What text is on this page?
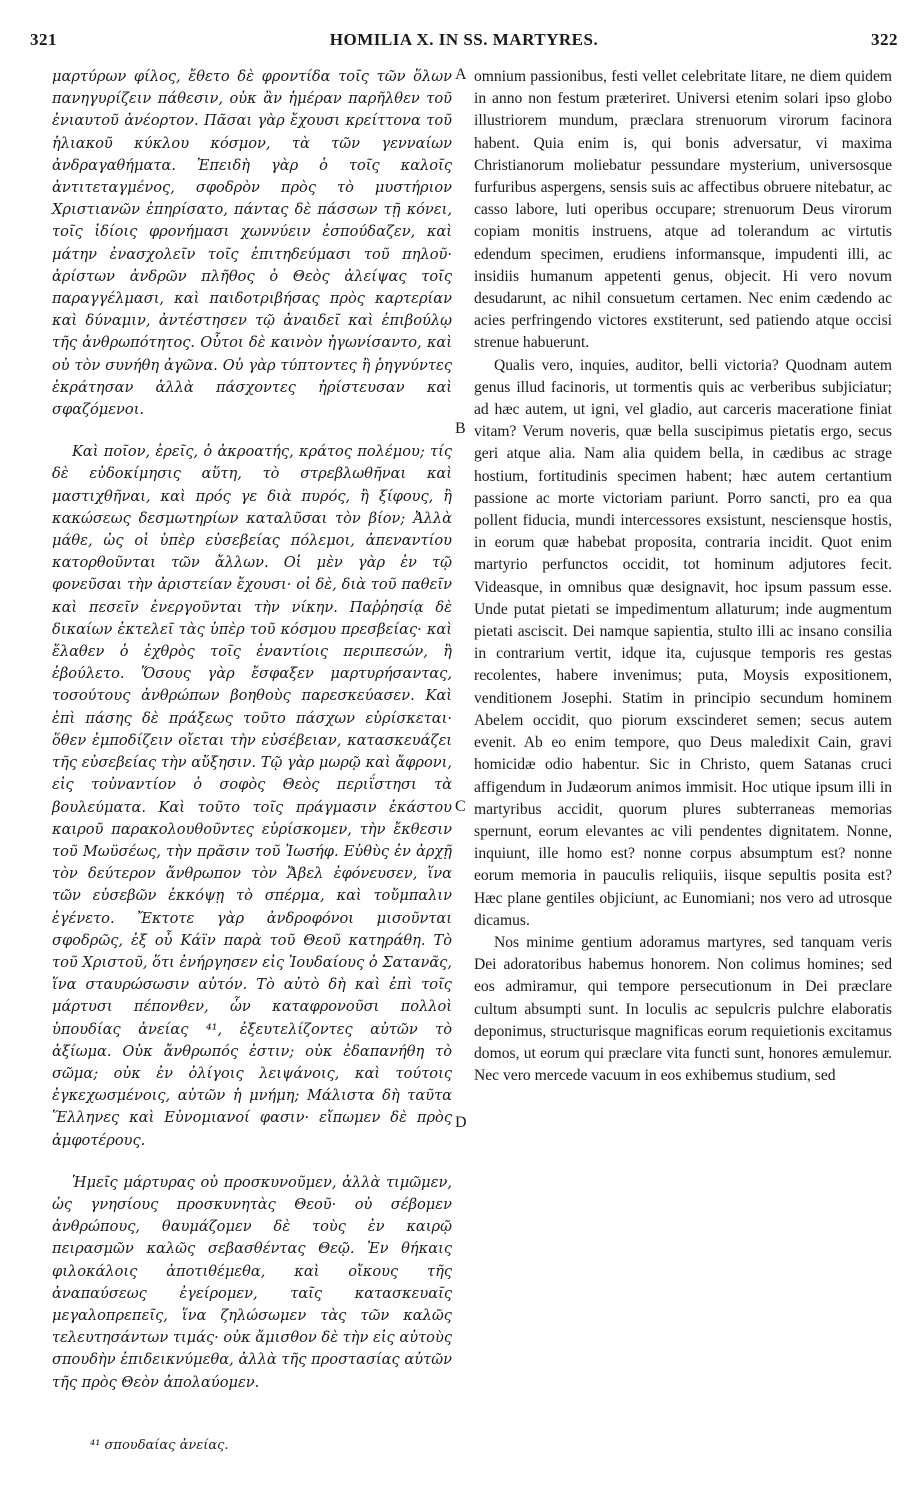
321	HOMILIA X. IN SS. MARTYRES.	322
A
B
C
D

μαρτύρων φίλος, ἔθετο δὲ φροντίδα τοῖς τῶν ὅλων πανηγυρίζειν πάθεσιν, οὐκ ἂν ἡμέραν παρῆλθεν τοῦ ἐνιαυτοῦ ἀνέορτον. Πᾶσαι γὰρ ἔχουσι κρείττονα τοῦ ἡλιακοῦ κύκλου κόσμον, τὰ τῶν γενναίων ἀνδραγαθήματα. Ἐπειδὴ γὰρ ὁ τοῖς καλοῖς ἀντιτεταγμένος, σφοδρὸν πρὸς τὸ μυστήριον Χριστιανῶν ἐπηρίσατο, πάντας δὲ πάσσων τῇ κόνει, τοῖς ἰδίοις φρονήμασι χωννύειν ἐσπούδαζεν, καὶ μάτην ἐνασχολεῖν τοῖς ἐπιτηδεύμασι τοῦ πηλοῦ· ἀρίστων ἀνδρῶν πλῆθος ὁ Θεὸς ἀλείψας τοῖς παραγγέλμασι, καὶ παιδοτριβήσας πρὸς καρτερίαν καὶ δύναμιν, ἀντέστησεν τῷ ἀναιδεῖ καὶ ἐπιβούλῳ τῆς ἀνθρωπότητος. Οὗτοι δὲ καινὸν ἠγωνίσαντο, καὶ οὐ τὸν συνήθη ἀγῶνα. Οὐ γὰρ τύπτοντες ἢ ῥηγνύντες ἐκράτησαν ἀλλὰ πάσχοντες ἠρίστευσαν καὶ σφαζόμενοι.

Καὶ ποῖον, ἐρεῖς, ὁ ἀκροατής, κράτος πολέμου; τίς δὲ εὐδοκίμησις αὕτη, τὸ στρεβλωθῆναι καὶ μαστιχθῆναι, καὶ πρός γε διὰ πυρός, ἢ ξίφους, ἢ κακώσεως δεσμωτηρίων καταλῦσαι τὸν βίον; Ἀλλὰ μάθε, ὡς οἱ ὑπὲρ εὐσεβείας πόλεμοι, ἀπεναντίου κατορθοῦνται τῶν ἄλλων. Οἱ μὲν γὰρ ἐν τῷ φονεῦσαι τὴν ἀριστείαν ἔχουσι· οἱ δὲ, διὰ τοῦ παθεῖν καὶ πεσεῖν ἐνεργοῦνται τὴν νίκην. Παῤῥησίᾳ δὲ δικαίων ἐκτελεῖ τὰς ὑπὲρ τοῦ κόσμου πρεσβείας· καὶ ἔλαθεν ὁ ἐχθρὸς τοῖς ἐναντίοις περιπεσών, ἢ ἐβούλετο. Ὅσους γὰρ ἔσφαξεν μαρτυρήσαντας, τοσούτους ἀνθρώπων βοηθοὺς παρεσκεύασεν. Καὶ ἐπὶ πάσης δὲ πράξεως τοῦτο πάσχων εὑρίσκεται· ὅθεν ἐμποδίζειν οἴεται τὴν εὐσέβειαν, κατασκευάζει τῆς εὐσεβείας τὴν αὔξησιν. Τῷ γὰρ μωρῷ καὶ ἄφρονι, εἰς τοὐναντίον ὁ σοφὸς Θεὸς περιΐστησι τὰ βουλεύματα. Καὶ τοῦτο τοῖς πράγμασιν ἑκάστου καιροῦ παρακολουθοῦντες εὑρίσκομεν, τὴν ἔκθεσιν τοῦ Μωϋσέως, τὴν πρᾶσιν τοῦ Ἰωσήφ. Εὐθὺς ἐν ἀρχῇ τὸν δεύτερον ἄνθρωπον τὸν Ἄβελ ἐφόνευσεν, ἵνα τῶν εὐσεβῶν ἐκκόψῃ τὸ σπέρμα, καὶ τοὔμπαλιν ἐγένετο. Ἔκτοτε γὰρ ἀνδροφόνοι μισοῦνται σφοδρῶς, ἐξ οὗ Κάϊν παρὰ τοῦ Θεοῦ κατηράθη. Τὸ τοῦ Χριστοῦ, ὅτι ἐνήργησεν εἰς Ἰουδαίους ὁ Σατανᾶς, ἵνα σταυρώσωσιν αὐτόν. Τὸ αὐτὸ δὴ καὶ ἐπὶ τοῖς μάρτυσι πέπονθεν, ὧν καταφρονοῦσι πολλοὶ ὑπουδίας ἀνείας ⁴¹, ἐξευτελίζοντες αὐτῶν τὸ ἀξίωμα. Οὐκ ἄνθρωπός ἐστιν; οὐκ ἐδαπανήθη τὸ σῶμα; οὐκ ἐν ὀλίγοις λειψάνοις, καὶ τούτοις ἐγκεχωσμένοις, αὐτῶν ἡ μνήμη; Μάλιστα δὴ ταῦτα Ἕλληνες καὶ Εὐνομιανοί φασιν· εἴπωμεν δὲ πρὸς ἀμφοτέρους.

Ἡμεῖς μάρτυρας οὐ προσκυνοῦμεν, ἀλλὰ τιμῶμεν, ὡς γνησίους προσκυνητὰς Θεοῦ· οὐ σέβομεν ἀνθρώπους, θαυμάζομεν δὲ τοὺς ἐν καιρῷ πειρασμῶν καλῶς σεβασθέντας Θεῷ. Ἐν θήκαις φιλοκάλοις ἀποτιθέμεθα, καὶ οἴκους τῆς ἀναπαύσεως ἐγείρομεν, ταῖς κατασκευαῖς μεγαλοπρεπεῖς, ἵνα ζηλώσωμεν τὰς τῶν καλῶς τελευτησάντων τιμάς· οὐκ ἄμισθον δὲ τὴν εἰς αὐτοὺς σπουδὴν ἐπιδεικνύμεθα, ἀλλὰ τῆς προστασίας αὐτῶν τῆς πρὸς Θεὸν ἀπολαύομεν.

omnium passionibus, festi vellet celebritate litare, ne diem quidem in anno non festum præteriret. Universi etenim solari ipso globo illustriorem mundum, præclara strenuorum virorum facinora habent. Quia enim is, qui bonis adversatur, vi maxima Christianorum moliebatur pessundare mysterium, universosque furfuribus aspergens, sensis suis ac affectibus obruere nitebatur, ac casso labore, luti operibus occupare; strenuorum Deus virorum copiam monitis instruens, atque ad tolerandum ac virtutis edendum specimen, erudiens informansque, impudenti illi, ac insidiis humanum appetenti genus, objecit. Hi vero novum desudarunt, ac nihil consuetum certamen. Nec enim cædendo ac acies perfringendo victores exstiterunt, sed patiendo atque occisi strenue habuerunt.

Qualis vero, inquies, auditor, belli victoria? Quodnam autem genus illud facinoris, ut tormentis quis ac verberibus subjiciatur; ad hæc autem, ut igni, vel gladio, aut carceris maceratione finiat vitam? Verum noveris, quæ bella suscipimus pietatis ergo, secus geri atque alia. Nam alia quidem bella, in cædibus ac strage hostium, fortitudinis specimen habent; hæc autem certantium passione ac morte victoriam pariunt. Porro sancti, pro ea qua pollent fiducia, mundi intercessores exsistunt, nesciensque hostis, in eorum quæ habebat proposita, contraria incidit. Quot enim martyrio perfunctos occidit, tot hominum adjutores fecit. Videasque, in omnibus quæ designavit, hoc ipsum passum esse. Unde putat pietati se impedimentum allaturum; inde augmentum pietati asciscit. Dei namque sapientia, stulto illi ac insano consilia in contrarium vertit, idque ita, cujusque temporis res gestas recolentes, habere invenimus; puta, Moysis expositionem, venditionem Josephi. Statim in principio secundum hominem Abelem occidit, quo piorum exscinderet semen; secus autem evenit. Ab eo enim tempore, quo Deus maledixit Cain, gravi homicidæ odio habentur. Sic in Christo, quem Satanas cruci affigendum in Judæorum animos immisit. Hoc utique ipsum illi in martyribus accidit, quorum plures subterraneas memorias spernunt, eorum elevantes ac vili pendentes dignitatem. Nonne, inquiunt, ille homo est? nonne corpus absumptum est? nonne eorum memoria in pauculis reliquiis, iisque sepultis posita est? Hæc plane gentiles objiciunt, ac Eunomiani; nos vero ad utrosque dicamus.

Nos minime gentium adoramus martyres, sed tanquam veris Dei adoratoribus habemus honorem. Non colimus homines; sed eos admiramur, qui tempore persecutionum in Dei præclare cultum absumpti sunt. In loculis ac sepulcris pulchre elaboratis deponimus, structurisque magnificas eorum requietionis excitamus domos, ut eorum qui præclare vita functi sunt, honores æmulemur. Nec vero mercede vacuum in eos exhibemus studium, sed

⁴¹ σπουδαίας ἀνείας.
